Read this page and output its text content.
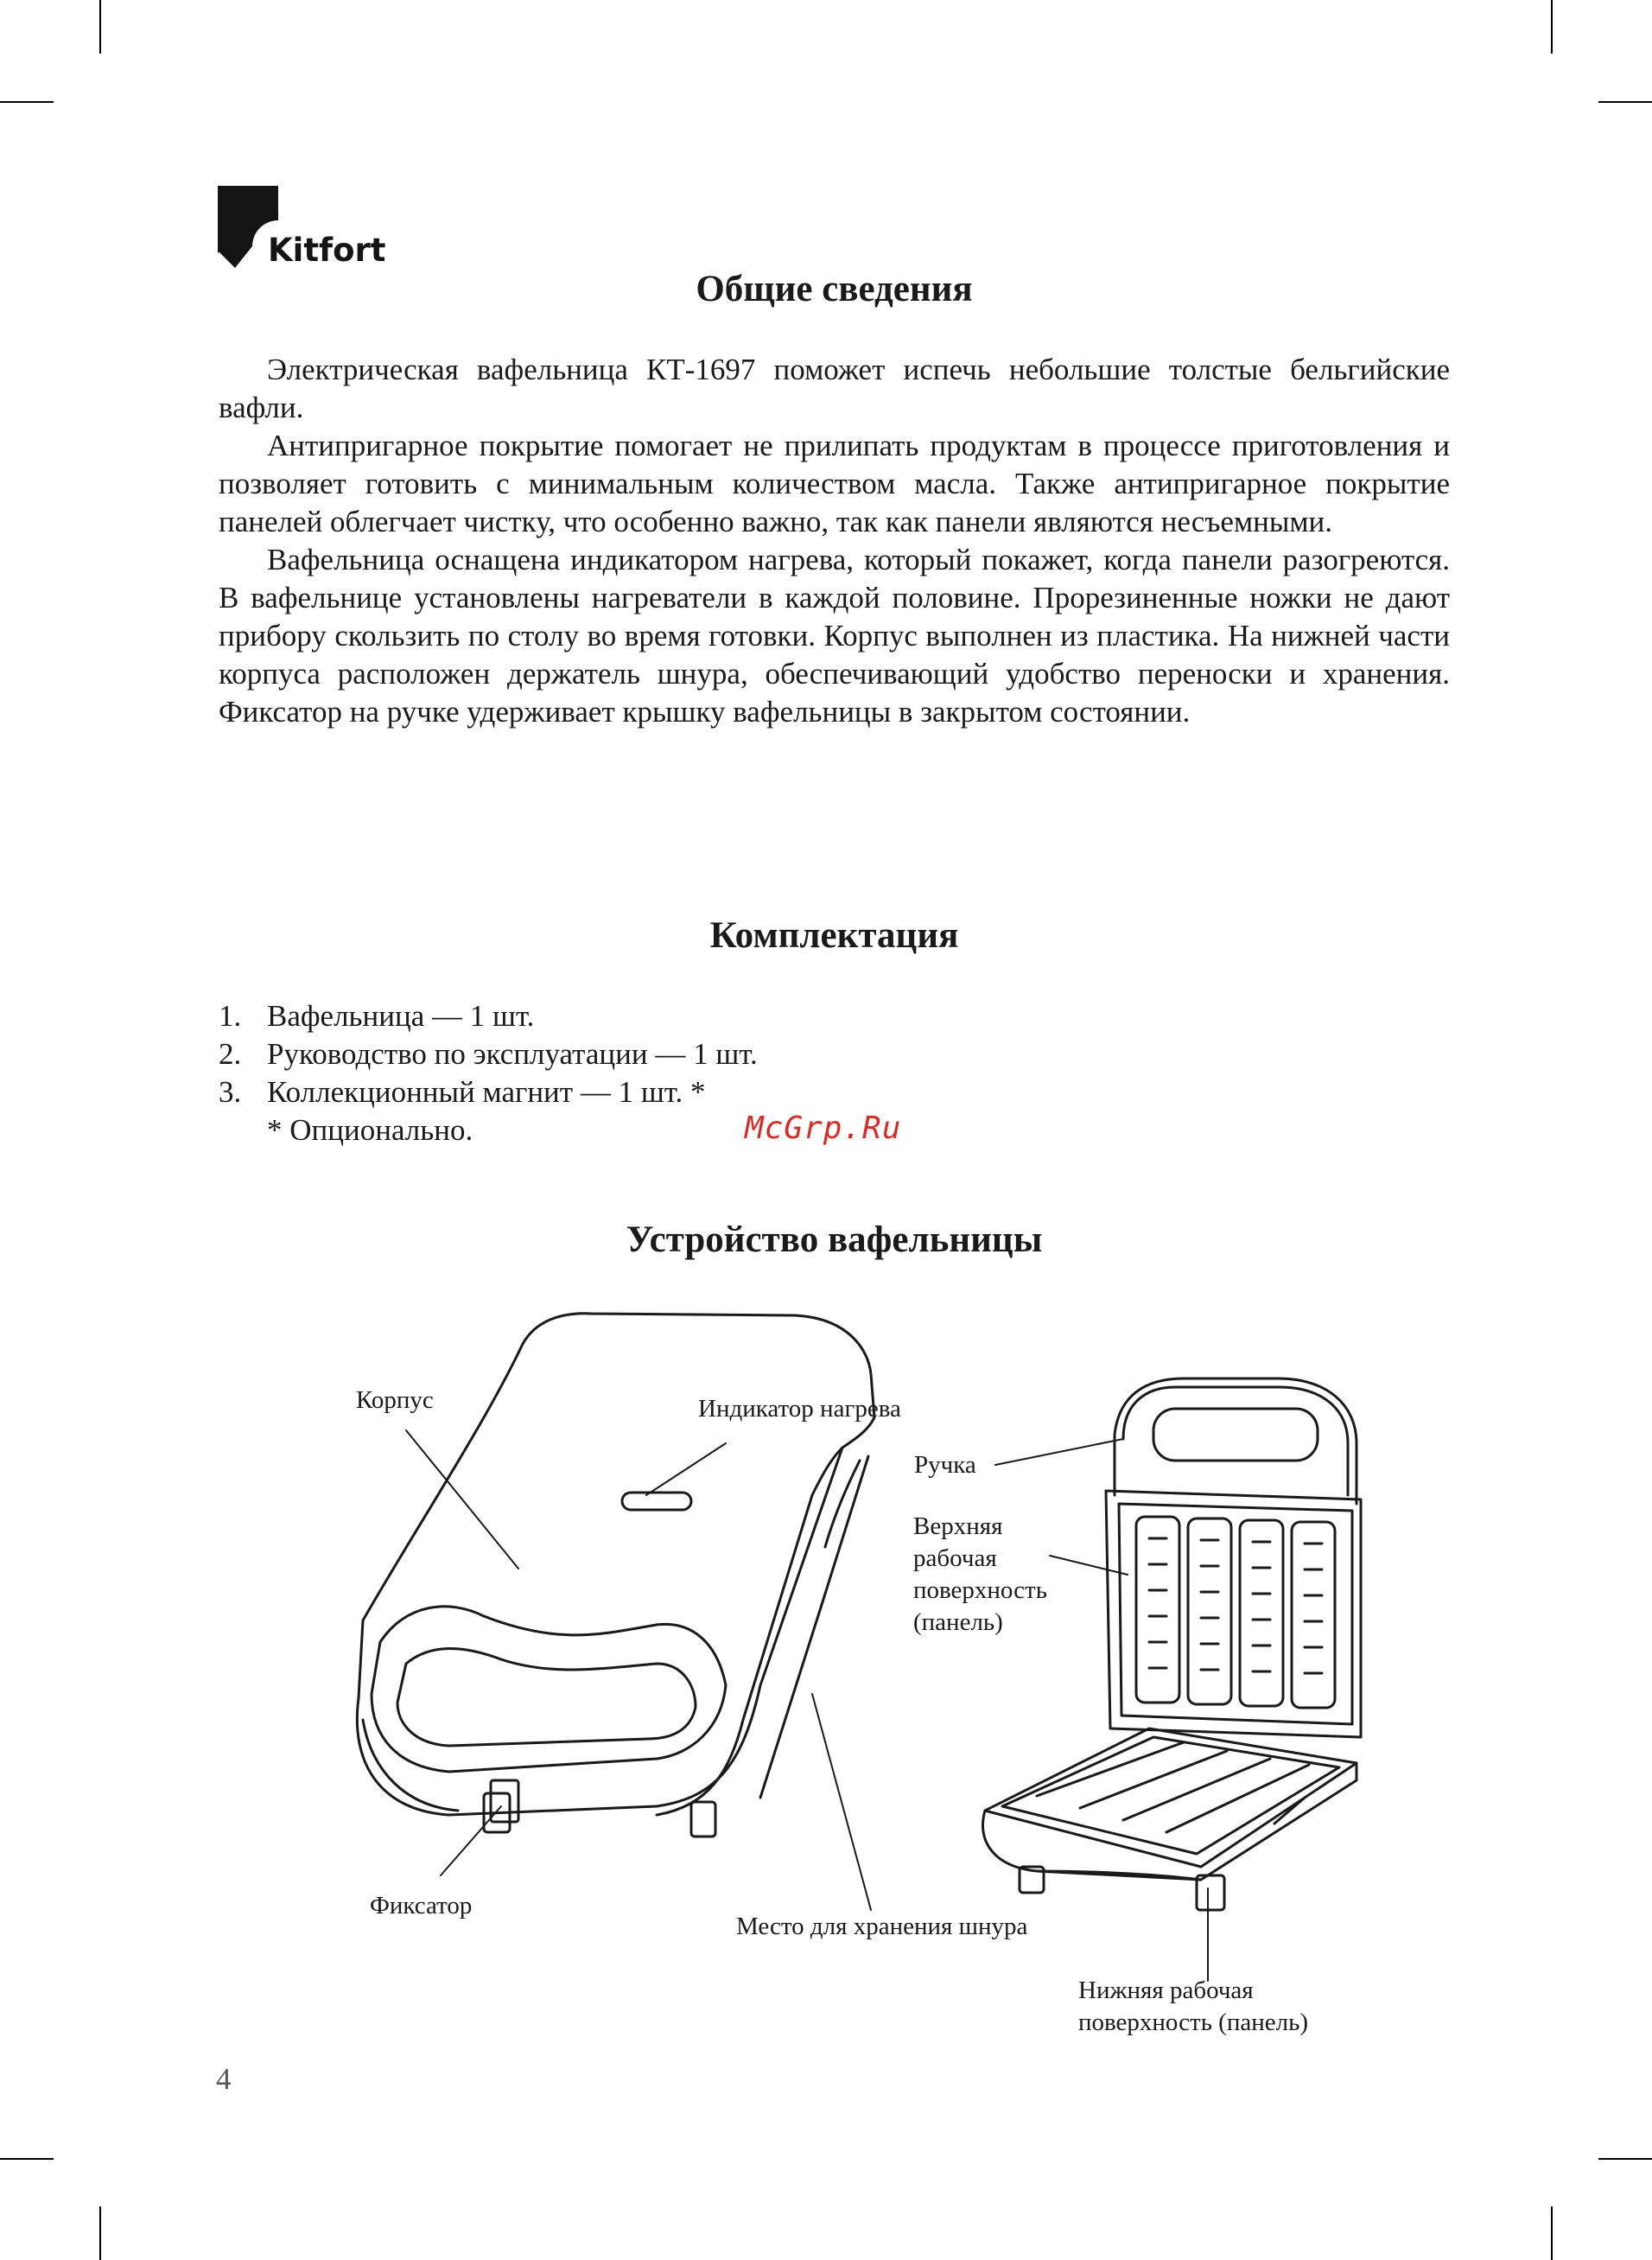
Kitfort
Общие сведения

Электрическая вафельница КТ-1697 поможет испечь небольшие толстые бельгийские вафли.

Антипригарное покрытие помогает не прилипать продуктам в процессе приготовления и позволяет готовить с минимальным количеством масла. Также антипригарное покрытие панелей облегчает чистку, что особенно важно, так как панели являются несъемными.

Вафельница оснащена индикатором нагрева, который покажет, когда панели разогреются. В вафельнице установлены нагреватели в каждой половине. Прорезиненные ножки не дают прибору скользить по столу во время готовки. Корпус выполнен из пластика. На нижней части корпуса расположен держатель шнура, обеспечивающий удобство переноски и хранения. Фиксатор на ручке удерживает крышку вафельницы в закрытом состоянии.

Комплектация
1. Вафельница — 1 шт.
2. Руководство по эксплуатации — 1 шт.
3. Коллекционный магнит — 1 шт. *
* Опционально.	McGrp.Ru
Устройство вафельницы
Корпус	Индикатор нагрева
Ручка
Верхняя
рабочая
поверхность
(панель)
Фиксатор
Место для хранения шнура
Нижняя рабочая
поверхность (панель)
4
